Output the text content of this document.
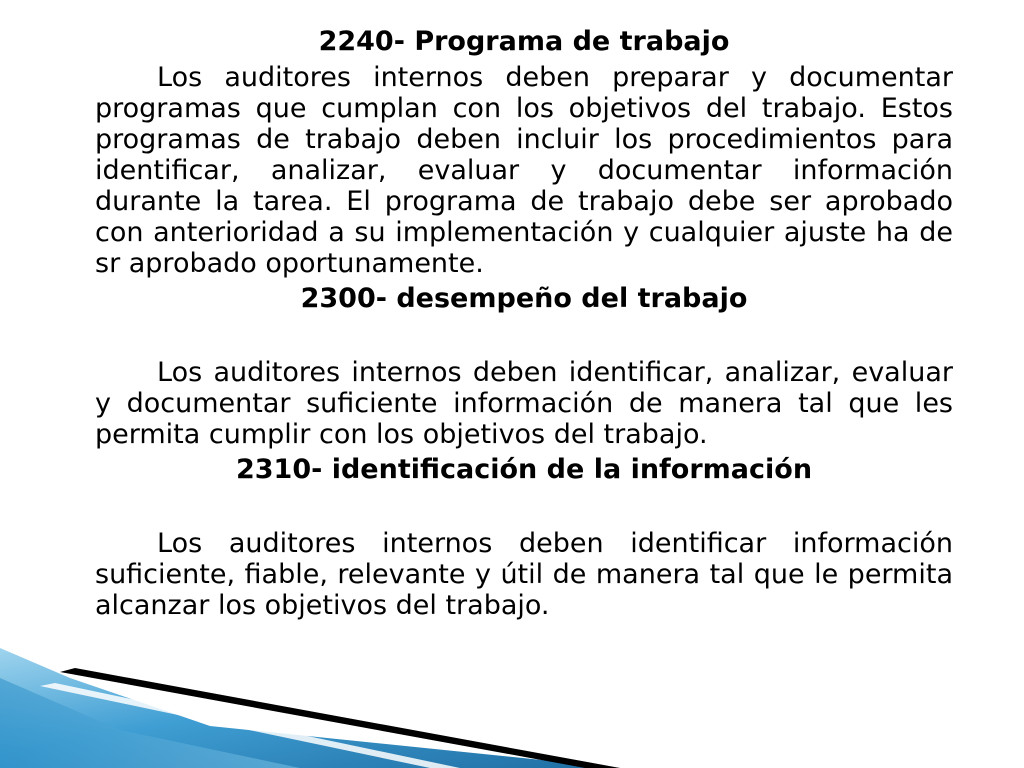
2240- Programa de trabajo

Los auditores internos deben preparar y documentar programas que cumplan con los objetivos del trabajo. Estos programas de trabajo deben incluir los procedimientos para identificar, analizar, evaluar y documentar información durante la tarea. El programa de trabajo debe ser aprobado con anterioridad a su implementación y cualquier ajuste ha de sr aprobado oportunamente.

2300- desempeño del trabajo

Los auditores internos deben identificar, analizar, evaluar y documentar suficiente información de manera tal que les permita cumplir con los objetivos del trabajo.

2310- identificación de la información

Los auditores internos deben identificar información suficiente, fiable, relevante y útil de manera tal que le permita alcanzar los objetivos del trabajo.
